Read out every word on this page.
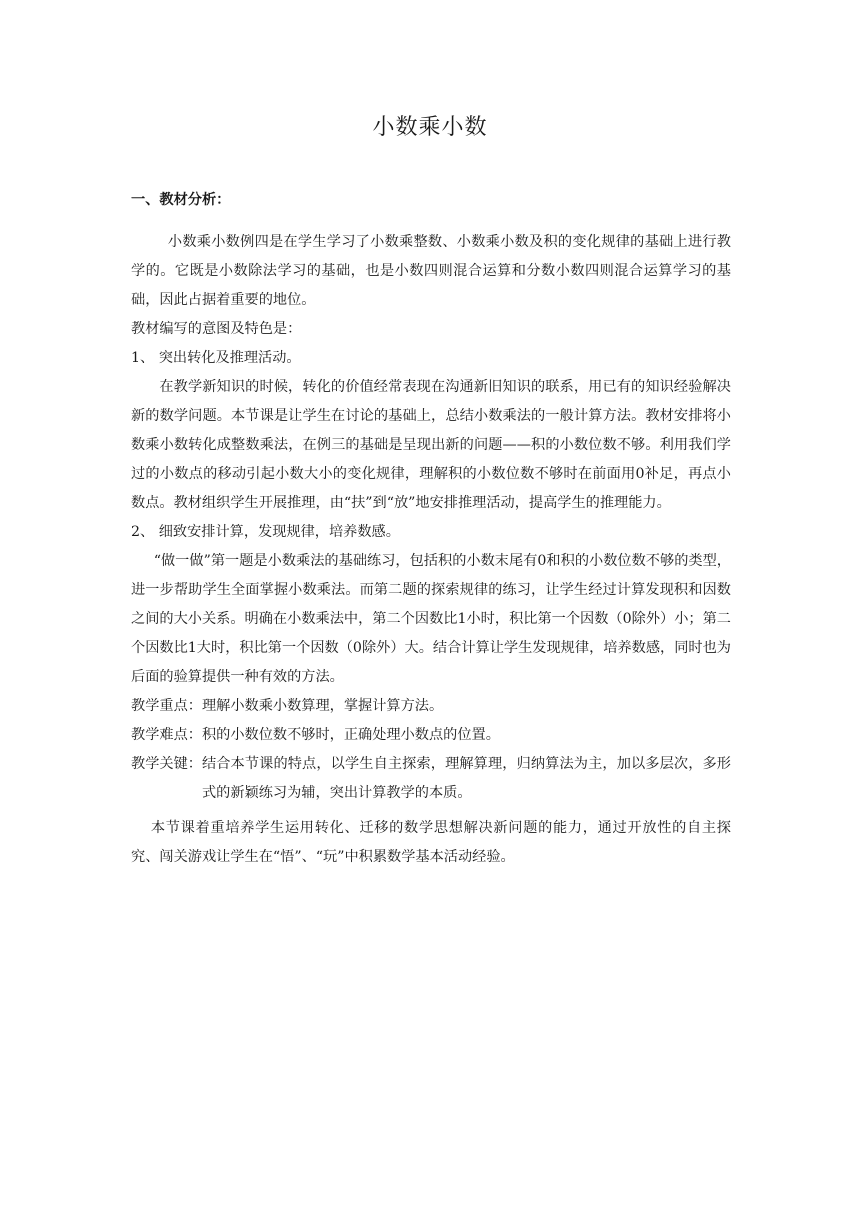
小数乘小数

一、教材分析：

小数乘小数例四是在学生学习了小数乘整数、小数乘小数及积的变化规律的基础上进行教学的。它既是小数除法学习的基础，也是小数四则混合运算和分数小数四则混合运算学习的基础，因此占据着重要的地位。

教材编写的意图及特色是：

1、 突出转化及推理活动。

在教学新知识的时候，转化的价值经常表现在沟通新旧知识的联系，用已有的知识经验解决新的数学问题。本节课是让学生在讨论的基础上，总结小数乘法的一般计算方法。教材安排将小数乘小数转化成整数乘法，在例三的基础是呈现出新的问题——积的小数位数不够。利用我们学过的小数点的移动引起小数大小的变化规律，理解积的小数位数不够时在前面用0补足，再点小数点。教材组织学生开展推理，由“扶”到“放”地安排推理活动，提高学生的推理能力。

2、 细致安排计算，发现规律，培养数感。

“做一做”第一题是小数乘法的基础练习，包括积的小数末尾有0和积的小数位数不够的类型，进一步帮助学生全面掌握小数乘法。而第二题的探索规律的练习，让学生经过计算发现积和因数之间的大小关系。明确在小数乘法中，第二个因数比1小时，积比第一个因数（0除外）小；第二个因数比1大时，积比第一个因数（0除外）大。结合计算让学生发现规律，培养数感，同时也为后面的验算提供一种有效的方法。

教学重点：理解小数乘小数算理，掌握计算方法。

教学难点：积的小数位数不够时，正确处理小数点的位置。

教学关键： 结合本节课的特点，以学生自主探索，理解算理，归纳算法为主，加以多层次，多形式的新颖练习为辅，突出计算教学的本质。

本节课着重培养学生运用转化、迁移的数学思想解决新问题的能力，通过开放性的自主探究、闯关游戏让学生在“悟”、“玩”中积累数学基本活动经验。
